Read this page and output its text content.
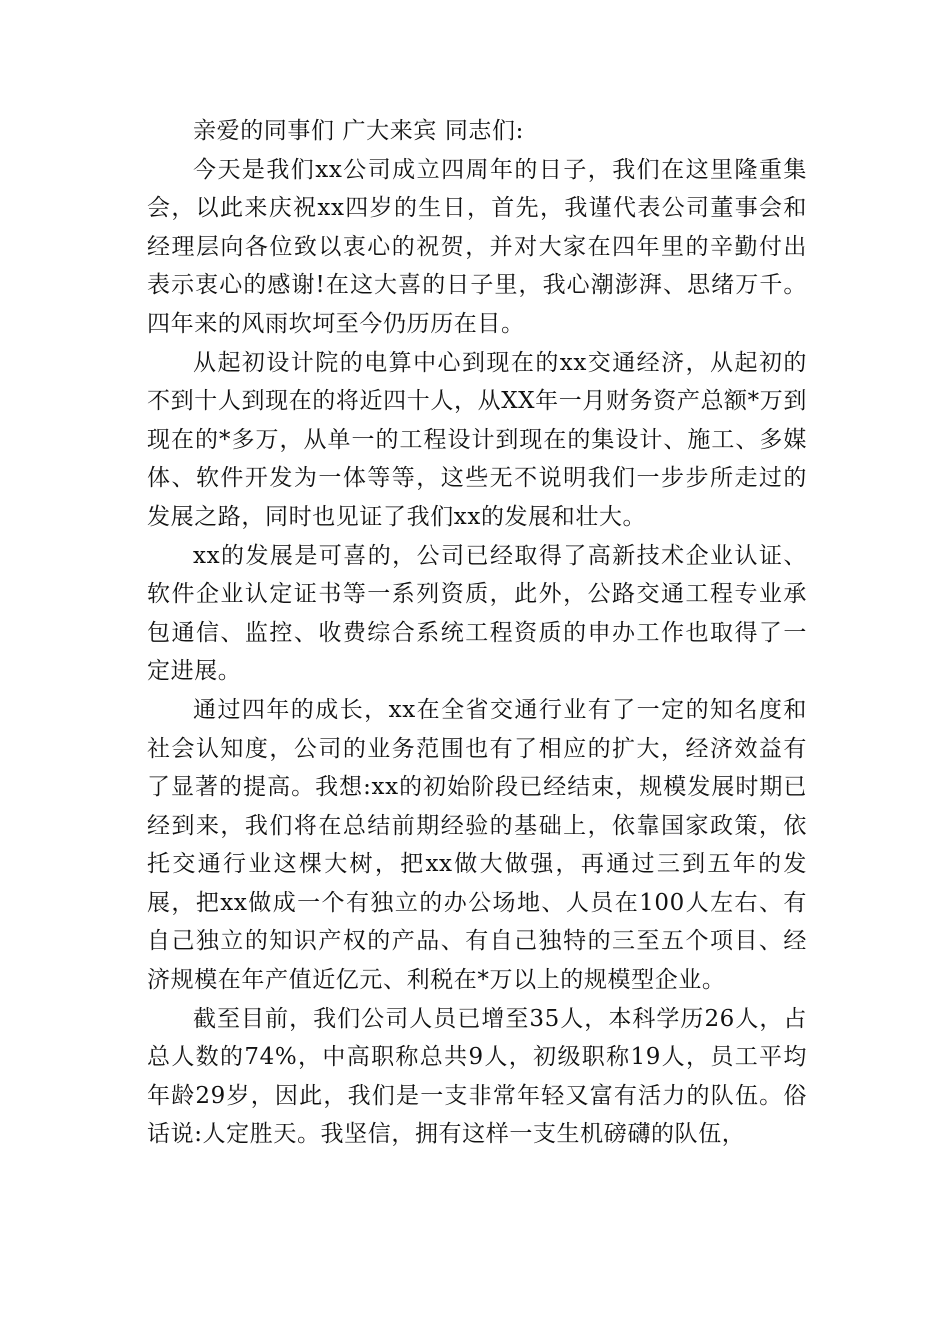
亲爱的同事们 广大来宾 同志们:

今天是我们xx公司成立四周年的日子，我们在这里隆重集会，以此来庆祝xx四岁的生日，首先，我谨代表公司董事会和经理层向各位致以衷心的祝贺，并对大家在四年里的辛勤付出表示衷心的感谢!在这大喜的日子里，我心潮澎湃、思绪万千。四年来的风雨坎坷至今仍历历在目。

从起初设计院的电算中心到现在的xx交通经济，从起初的不到十人到现在的将近四十人，从XX年一月财务资产总额*万到现在的*多万，从单一的工程设计到现在的集设计、施工、多媒体、软件开发为一体等等，这些无不说明我们一步步所走过的发展之路，同时也见证了我们xx的发展和壮大。

xx的发展是可喜的，公司已经取得了高新技术企业认证、软件企业认定证书等一系列资质，此外，公路交通工程专业承包通信、监控、收费综合系统工程资质的申办工作也取得了一定进展。

通过四年的成长，xx在全省交通行业有了一定的知名度和社会认知度，公司的业务范围也有了相应的扩大，经济效益有了显著的提高。我想:xx的初始阶段已经结束，规模发展时期已经到来，我们将在总结前期经验的基础上，依靠国家政策，依托交通行业这棵大树，把xx做大做强，再通过三到五年的发展，把xx做成一个有独立的办公场地、人员在100人左右、有自己独立的知识产权的产品、有自己独特的三至五个项目、经济规模在年产值近亿元、利税在*万以上的规模型企业。

截至目前，我们公司人员已增至35人，本科学历26人，占总人数的74%，中高职称总共9人，初级职称19人，员工平均年龄29岁，因此，我们是一支非常年轻又富有活力的队伍。俗话说:人定胜天。我坚信，拥有这样一支生机磅礴的队伍，
